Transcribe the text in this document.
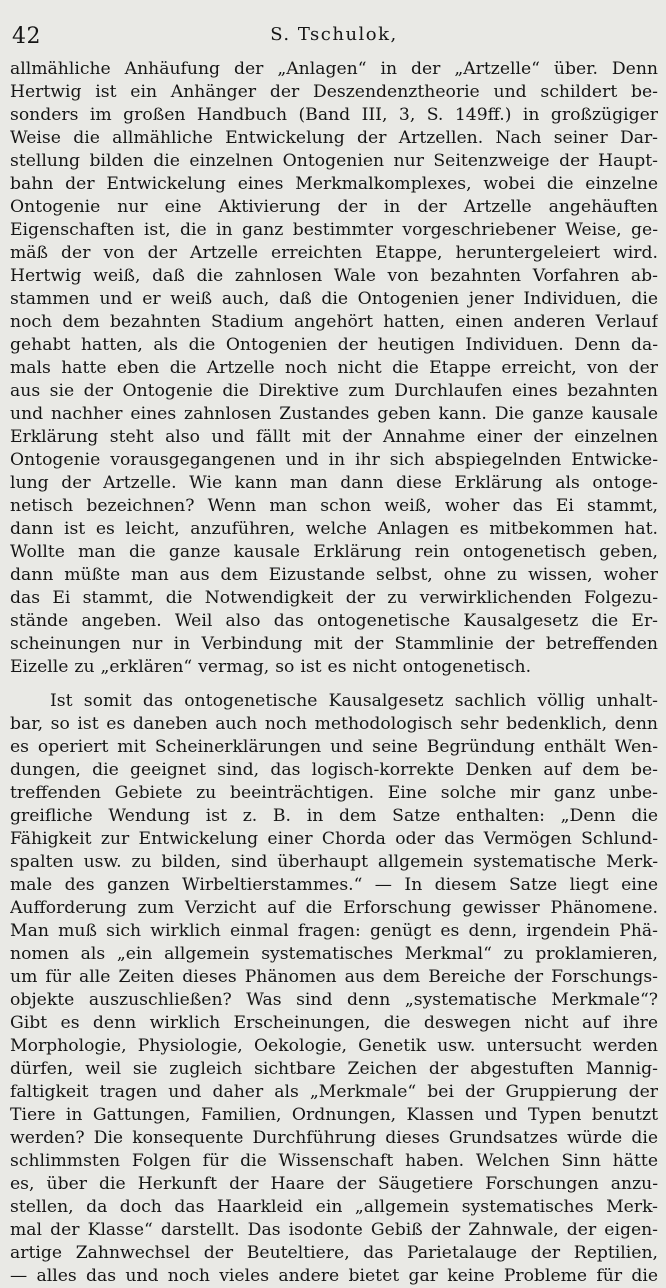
42	S. Tschulok,
allmähliche Anhäufung der „Anlagen“ in der „Artzelle“ über. Denn
Hertwig ist ein Anhänger der Deszendenztheorie und schildert be-
sonders im großen Handbuch (Band III, 3, S. 149ff.) in großzügiger
Weise die allmähliche Entwickelung der Artzellen. Nach seiner Dar-
stellung bilden die einzelnen Ontogenien nur Seitenzweige der Haupt-
bahn der Entwickelung eines Merkmalkomplexes, wobei die einzelne
Ontogenie nur eine Aktivierung der in der Artzelle angehäuften
Eigenschaften ist, die in ganz bestimmter vorgeschriebener Weise, ge-
mäß der von der Artzelle erreichten Etappe, heruntergeleiert wird.
Hertwig weiß, daß die zahnlosen Wale von bezahnten Vorfahren ab-
stammen und er weiß auch, daß die Ontogenien jener Individuen, die
noch dem bezahnten Stadium angehört hatten, einen anderen Verlauf
gehabt hatten, als die Ontogenien der heutigen Individuen. Denn da-
mals hatte eben die Artzelle noch nicht die Etappe erreicht, von der
aus sie der Ontogenie die Direktive zum Durchlaufen eines bezahnten
und nachher eines zahnlosen Zustandes geben kann. Die ganze kausale
Erklärung steht also und fällt mit der Annahme einer der einzelnen
Ontogenie vorausgegangenen und in ihr sich abspiegelnden Entwicke-
lung der Artzelle. Wie kann man dann diese Erklärung als ontoge-
netisch bezeichnen? Wenn man schon weiß, woher das Ei stammt,
dann ist es leicht, anzuführen, welche Anlagen es mitbekommen hat.
Wollte man die ganze kausale Erklärung rein ontogenetisch geben,
dann müßte man aus dem Eizustande selbst, ohne zu wissen, woher
das Ei stammt, die Notwendigkeit der zu verwirklichenden Folgezu-
stände angeben. Weil also das ontogenetische Kausalgesetz die Er-
scheinungen nur in Verbindung mit der Stammlinie der betreffenden
Eizelle zu „erklären“ vermag, so ist es nicht ontogenetisch.
Ist somit das ontogenetische Kausalgesetz sachlich völlig unhalt-
bar, so ist es daneben auch noch methodologisch sehr bedenklich, denn
es operiert mit Scheinerklärungen und seine Begründung enthält Wen-
dungen, die geeignet sind, das logisch-korrekte Denken auf dem be-
treffenden Gebiete zu beeinträchtigen. Eine solche mir ganz unbe-
greifliche Wendung ist z. B. in dem Satze enthalten: „Denn die
Fähigkeit zur Entwickelung einer Chorda oder das Vermögen Schlund-
spalten usw. zu bilden, sind überhaupt allgemein systematische Merk-
male des ganzen Wirbeltierstammes.“ — In diesem Satze liegt eine
Aufforderung zum Verzicht auf die Erforschung gewisser Phänomene.
Man muß sich wirklich einmal fragen: genügt es denn, irgendein Phä-
nomen als „ein allgemein systematisches Merkmal“ zu proklamieren,
um für alle Zeiten dieses Phänomen aus dem Bereiche der Forschungs-
objekte auszuschließen? Was sind denn „systematische Merkmale“?
Gibt es denn wirklich Erscheinungen, die deswegen nicht auf ihre
Morphologie, Physiologie, Oekologie, Genetik usw. untersucht werden
dürfen, weil sie zugleich sichtbare Zeichen der abgestuften Mannig-
faltigkeit tragen und daher als „Merkmale“ bei der Gruppierung der
Tiere in Gattungen, Familien, Ordnungen, Klassen und Typen benutzt
werden? Die konsequente Durchführung dieses Grundsatzes würde die
schlimmsten Folgen für die Wissenschaft haben. Welchen Sinn hätte
es, über die Herkunft der Haare der Säugetiere Forschungen anzu-
stellen, da doch das Haarkleid ein „allgemein systematisches Merk-
mal der Klasse“ darstellt. Das isodonte Gebiß der Zahnwale, der eigen-
artige Zahnwechsel der Beuteltiere, das Parietalauge der Reptilien,
— alles das und noch vieles andere bietet gar keine Probleme für die
